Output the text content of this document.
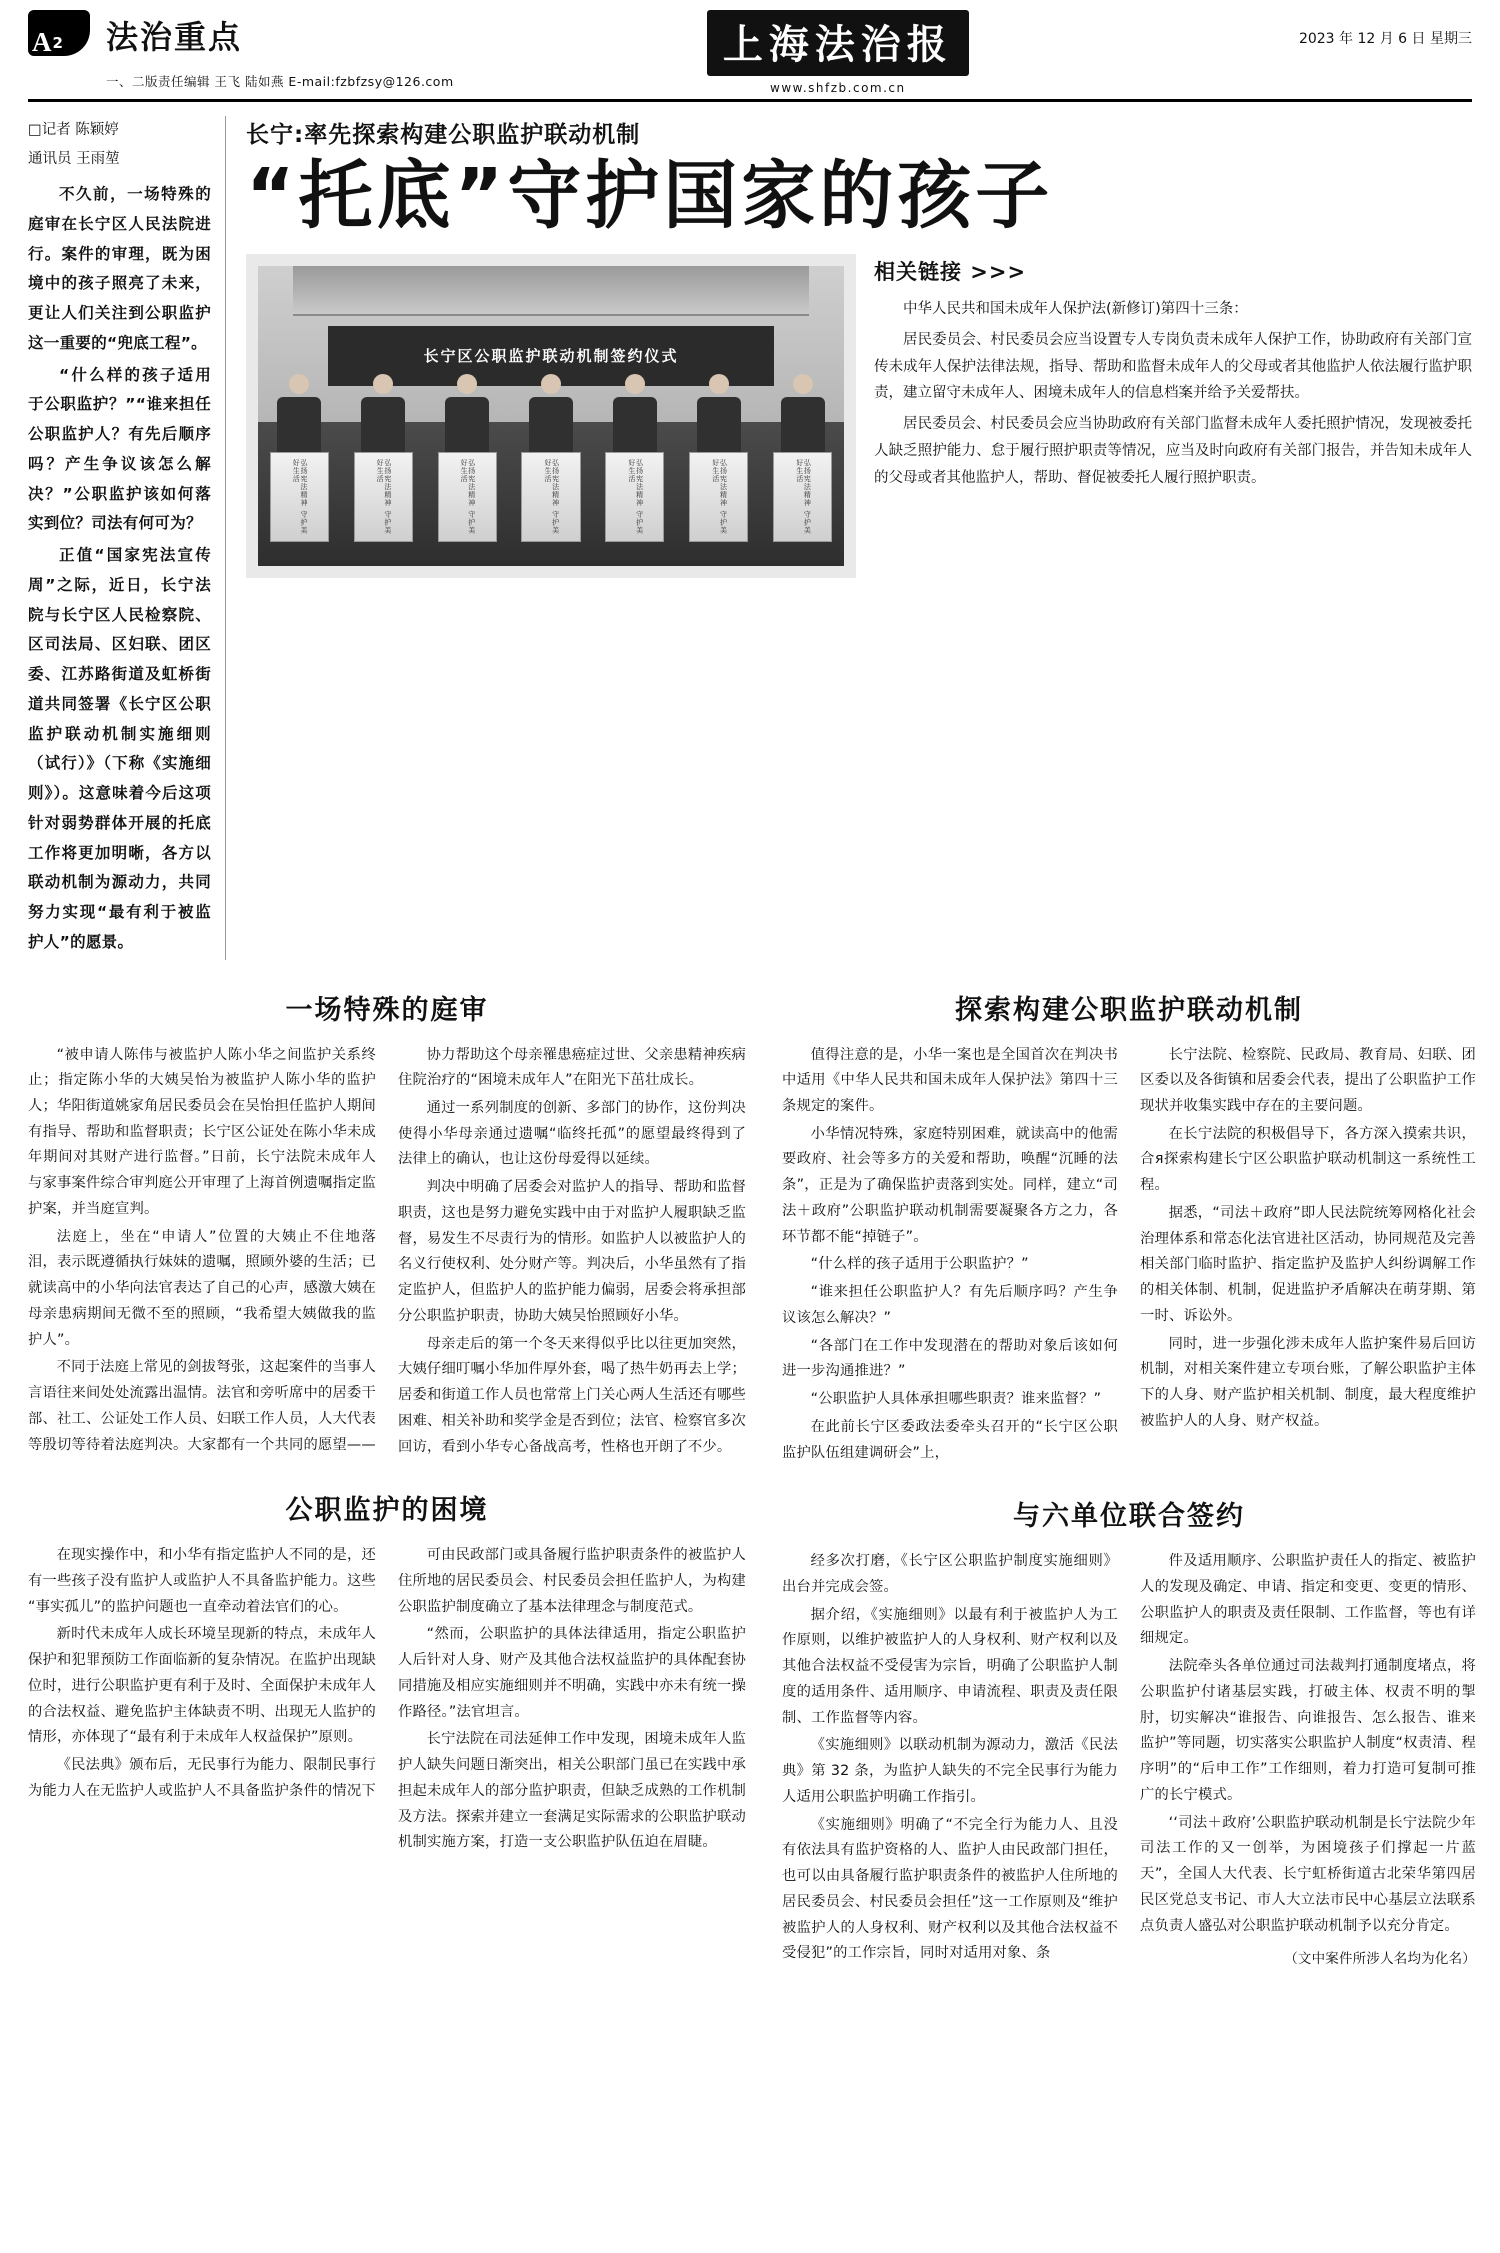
A 2 法治重点
一、二版责任编辑 王飞 陆如燕 E-mail:fzbfzsy@126.com
上海法治报
www.shfzb.com.cn
2023 年 12 月 6 日 星期三
□记者 陈颖婷
通讯员 王雨堃

不久前，一场特殊的庭审在长宁区人民法院进行。案件的审理，既为困境中的孩子照亮了未来，更让人们关注到公职监护这一重要的“兜底工程”。

“什么样的孩子适用于公职监护？”“谁来担任公职监护人？有先后顺序吗？产生争议该怎么解决？”公职监护该如何落实到位？司法有何可为？

正值“国家宪法宣传周”之际，近日，长宁法院与长宁区人民检察院、区司法局、区妇联、团区委、江苏路街道及虹桥街道共同签署《长宁区公职监护联动机制实施细则（试行）》（下称《实施细则》）。这意味着今后这项针对弱势群体开展的托底工作将更加明晰，各方以联动机制为源动力，共同努力实现“最有利于被监护人”的愿景。

长宁:率先探索构建公职监护联动机制
“托底”守护国家的孩子
长宁区公职监护联动机制签约仪式
弘扬宪法精神 守护美好生活	弘扬宪法精神 守护美好生活	弘扬宪法精神 守护美好生活	弘扬宪法精神 守护美好生活	弘扬宪法精神 守护美好生活	弘扬宪法精神 守护美好生活	弘扬宪法精神 守护美好生活
相关链接 >>>

中华人民共和国未成年人保护法(新修订)第四十三条：

居民委员会、村民委员会应当设置专人专岗负责未成年人保护工作，协助政府有关部门宣传未成年人保护法律法规，指导、帮助和监督未成年人的父母或者其他监护人依法履行监护职责，建立留守未成年人、困境未成年人的信息档案并给予关爱帮扶。

居民委员会、村民委员会应当协助政府有关部门监督未成年人委托照护情况，发现被委托人缺乏照护能力、怠于履行照护职责等情况，应当及时向政府有关部门报告，并告知未成年人的父母或者其他监护人，帮助、督促被委托人履行照护职责。

一场特殊的庭审

“被申请人陈伟与被监护人陈小华之间监护关系终止；指定陈小华的大姨吴怡为被监护人陈小华的监护人；华阳街道姚家角居民委员会在吴怡担任监护人期间有指导、帮助和监督职责；长宁区公证处在陈小华未成年期间对其财产进行监督。”日前，长宁法院未成年人与家事案件综合审判庭公开审理了上海首例遗嘱指定监护案，并当庭宣判。

法庭上，坐在“申请人”位置的大姨止不住地落泪，表示既遵循执行妹妹的遗嘱，照顾外婆的生活；已就读高中的小华向法官表达了自己的心声，感激大姨在母亲患病期间无微不至的照顾，“我希望大姨做我的监护人”。

不同于法庭上常见的剑拔弩张，这起案件的当事人言语往来间处处流露出温情。法官和旁听席中的居委干部、社工、公证处工作人员、妇联工作人员，人大代表等殷切等待着法庭判决。大家都有一个共同的愿望——

协力帮助这个母亲罹患癌症过世、父亲患精神疾病住院治疗的“困境未成年人”在阳光下茁壮成长。

通过一系列制度的创新、多部门的协作，这份判决使得小华母亲通过遗嘱“临终托孤”的愿望最终得到了法律上的确认，也让这份母爱得以延续。

判决中明确了居委会对监护人的指导、帮助和监督职责，这也是努力避免实践中由于对监护人履职缺乏监督，易发生不尽责行为的情形。如监护人以被监护人的名义行使权利、处分财产等。判决后，小华虽然有了指定监护人，但监护人的监护能力偏弱，居委会将承担部分公职监护职责，协助大姨吴怡照顾好小华。

母亲走后的第一个冬天来得似乎比以往更加突然，大姨仔细叮嘱小华加件厚外套，喝了热牛奶再去上学；居委和街道工作人员也常常上门关心两人生活还有哪些困难、相关补助和奖学金是否到位；法官、检察官多次回访，看到小华专心备战高考，性格也开朗了不少。

公职监护的困境

在现实操作中，和小华有指定监护人不同的是，还有一些孩子没有监护人或监护人不具备监护能力。这些“事实孤儿”的监护问题也一直牵动着法官们的心。

新时代未成年人成长环境呈现新的特点，未成年人保护和犯罪预防工作面临新的复杂情况。在监护出现缺位时，进行公职监护更有利于及时、全面保护未成年人的合法权益、避免监护主体缺责不明、出现无人监护的情形，亦体现了“最有利于未成年人权益保护”原则。

《民法典》颁布后，无民事行为能力、限制民事行为能力人在无监护人或监护人不具备监护条件的情况下

可由民政部门或具备履行监护职责条件的被监护人住所地的居民委员会、村民委员会担任监护人，为构建公职监护制度确立了基本法律理念与制度范式。

“然而，公职监护的具体法律适用，指定公职监护人后针对人身、财产及其他合法权益监护的具体配套协同措施及相应实施细则并不明确，实践中亦未有统一操作路径。”法官坦言。

长宁法院在司法延伸工作中发现，困境未成年人监护人缺失问题日渐突出，相关公职部门虽已在实践中承担起未成年人的部分监护职责，但缺乏成熟的工作机制及方法。探索并建立一套满足实际需求的公职监护联动机制实施方案，打造一支公职监护队伍迫在眉睫。

探索构建公职监护联动机制

值得注意的是，小华一案也是全国首次在判决书中适用《中华人民共和国未成年人保护法》第四十三条规定的案件。

小华情况特殊，家庭特别困难，就读高中的他需要政府、社会等多方的关爱和帮助，唤醒“沉睡的法条”，正是为了确保监护责落到实处。同样，建立“司法＋政府”公职监护联动机制需要凝聚各方之力，各环节都不能“掉链子”。

“什么样的孩子适用于公职监护？”

“谁来担任公职监护人？有先后顺序吗？产生争议该怎么解决？”

“各部门在工作中发现潜在的帮助对象后该如何进一步沟通推进？”

“公职监护人具体承担哪些职责？谁来监督？”

在此前长宁区委政法委牵头召开的“长宁区公职监护队伍组建调研会”上，

长宁法院、检察院、民政局、教育局、妇联、团区委以及各街镇和居委会代表，提出了公职监护工作现状并收集实践中存在的主要问题。

在长宁法院的积极倡导下，各方深入摸索共识，合я探索构建长宁区公职监护联动机制这一系统性工程。

据悉，“司法＋政府”即人民法院统筹网格化社会治理体系和常态化法官进社区活动，协同规范及完善相关部门临时监护、指定监护及监护人纠纷调解工作的相关体制、机制，促进监护矛盾解决在萌芽期、第一时、诉讼外。

同时，进一步强化涉未成年人监护案件易后回访机制，对相关案件建立专项台账，了解公职监护主体下的人身、财产监护相关机制、制度，最大程度维护被监护人的人身、财产权益。

与六单位联合签约

经多次打磨，《长宁区公职监护制度实施细则》出台并完成会签。

据介绍，《实施细则》以最有利于被监护人为工作原则，以维护被监护人的人身权利、财产权利以及其他合法权益不受侵害为宗旨，明确了公职监护人制度的适用条件、适用顺序、申请流程、职责及责任限制、工作监督等内容。

《实施细则》以联动机制为源动力，激活《民法典》第 32 条，为监护人缺失的不完全民事行为能力人适用公职监护明确工作指引。

《实施细则》明确了“不完全行为能力人、且没有依法具有监护资格的人、监护人由民政部门担任，也可以由具备履行监护职责条件的被监护人住所地的居民委员会、村民委员会担任”这一工作原则及“维护被监护人的人身权利、财产权利以及其他合法权益不受侵犯”的工作宗旨，同时对适用对象、条

件及适用顺序、公职监护责任人的指定、被监护人的发现及确定、申请、指定和变更、变更的情形、公职监护人的职责及责任限制、工作监督，等也有详细规定。

法院牵头各单位通过司法裁判打通制度堵点，将公职监护付诸基层实践，打破主体、权责不明的掣肘，切实解决“谁报告、向谁报告、怎么报告、谁来监护”等同题，切实落实公职监护人制度“权责清、程序明”的“后申工作”工作细则，着力打造可复制可推广的长宁模式。

‘‘司法＋政府’公职监护联动机制是长宁法院少年司法工作的又一创举，为困境孩子们撑起一片蓝天”，全国人大代表、长宁虹桥街道古北荣华第四居民区党总支书记、市人大立法市民中心基层立法联系点负责人盛弘对公职监护联动机制予以充分肯定。

（文中案件所涉人名均为化名）
